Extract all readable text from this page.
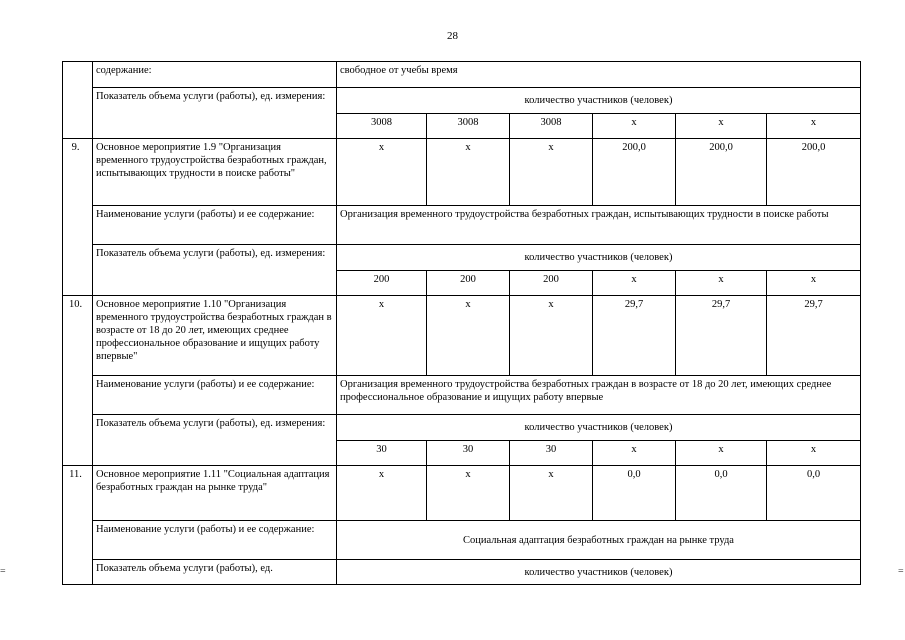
28
=	=
	содержание:	свободное от учебы время					
	Показатель объема услуги (работы), ед. измерения:	количество участников (человек)					
		3008	3008	3008	х	х	х
9.	Основное мероприятие 1.9 "Организация временного трудоустройства безработных граждан, испытывающих трудности в поиске работы"	х	х	х	200,0	200,0	200,0
	Наименование услуги (работы) и ее содержание:	Организация временного трудоустройства безработных граждан, испытывающих трудности в поиске работы					
	Показатель объема услуги (работы), ед. измерения:	количество участников (человек)					
		200	200	200	х	х	х
10.	Основное мероприятие 1.10 "Организация временного трудоустройства безработных граждан в возрасте от 18 до 20 лет, имеющих среднее профессиональное образование и ищущих работу впервые"	х	х	х	29,7	29,7	29,7
	Наименование услуги (работы) и ее содержание:	Организация временного трудоустройства безработных граждан в возрасте от 18 до 20 лет, имеющих среднее профессиональное образование и ищущих работу впервые					
	Показатель объема услуги (работы), ед. измерения:	количество участников (человек)					
		30	30	30	х	х	х
11.	Основное мероприятие 1.11 "Социальная адаптация безработных граждан на рынке труда"	х	х	х	0,0	0,0	0,0
	Наименование услуги (работы) и ее содержание:	Социальная адаптация безработных граждан на рынке труда					
	Показатель объема услуги (работы), ед.	количество участников (человек)					
